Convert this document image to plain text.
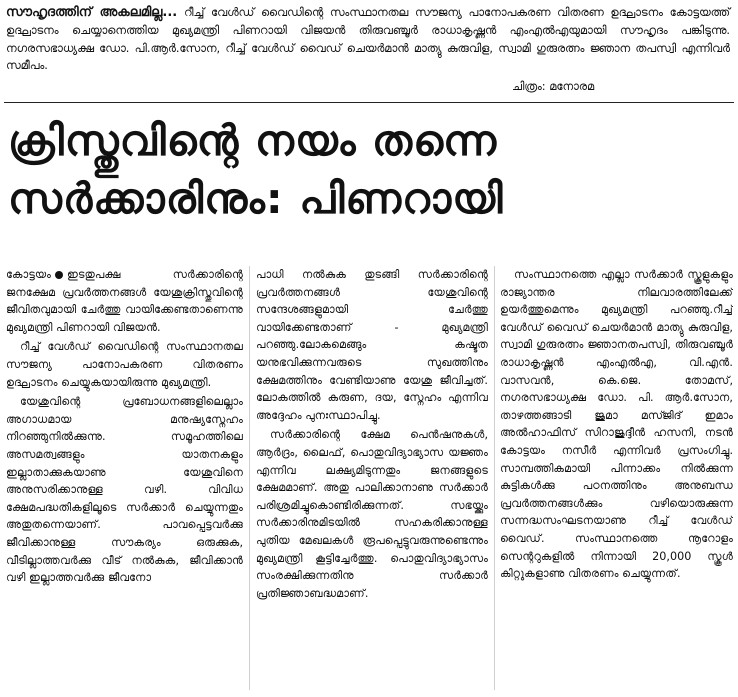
സൗഹൃദത്തിന് അകലമില്ല... റീച്ച് വേൾഡ് വൈഡിന്റെ സംസ്ഥാനതല സൗജന്യ പാനോപകരണ വിതരണ ഉദ്ഘാടനം കോട്ടയത്ത് ഉദ്ഘാടനം ചെയ്യാനെത്തിയ മുഖ്യമന്ത്രി പിണറായി വിജയൻ തിരുവഞ്ചൂർ രാധാകൃഷ്ണൻ എംഎൽഎയുമായി സൗഹൃദം പങ്കിടുന്നു. നഗരസഭാധ്യക്ഷ ഡോ. പി.ആർ.സോന, റീച്ച് വേൾഡ് വൈഡ് ചെയർമാൻ മാത്യു കുരുവിള, സ്വാമി ഗുരുരത്നം ജ്ഞാന തപസ്വി എന്നിവർ സമീപം.
ചിത്രം: മനോരമ
ക്രിസ്തുവിന്റെ നയം തന്നെ
സർക്കാരിനും: പിണറായി

കോട്ടയം ഇടതുപക്ഷ സർക്കാരിന്റെ ജനക്ഷേമ പ്രവർത്തനങ്ങൾ യേശുക്രിസ്തുവിന്റെ ജീവിതവുമായി ചേർത്തു വായിക്കേണ്ടതാണെന്നു മുഖ്യമന്ത്രി പിണറായി വിജയൻ.

റീച്ച് വേൾഡ് വൈഡിന്റെ സംസ്ഥാനതല സൗജന്യ പാനോപകരണ വിതരണം ഉദ്ഘാടനം ചെയ്യുകയായിരുന്നു മുഖ്യമന്ത്രി.

യേശുവിന്റെ പ്രബോധനങ്ങളിലെല്ലാം അഗാധമായ മനുഷ്യസ്നേഹം നിറഞ്ഞുനിൽക്കുന്നു. സമൂഹത്തിലെ അസമത്വങ്ങളും യാതനകളും ഇല്ലാതാക്കുകയാണു യേശുവിനെ അനുസരിക്കാനുള്ള വഴി. വിവിധ ക്ഷേമപദ്ധതികളിലൂടെ സർക്കാർ ചെയ്യുന്നതും അതുതന്നെയാണ്. പാവപ്പെട്ടവർക്കു ജീവിക്കാനുള്ള സൗകര്യം ഒരുക്കുക, വീടില്ലാത്തവർക്കു വീട് നൽകുക, ജീവിക്കാൻ വഴി ഇല്ലാത്തവർക്കു ജീവനോ

പാധി നൽകുക തുടങ്ങി സർക്കാരിന്റെ പ്രവർത്തനങ്ങൾ യേശുവിന്റെ സന്ദേശങ്ങളുമായി ചേർത്തു വായിക്കേണ്ടതാണ് - മുഖ്യമന്ത്രി പറഞ്ഞു.ലോകമെങ്ങും കഷ്ടത യനുഭവിക്കുന്നവരുടെ സുഖത്തിനും ക്ഷേമത്തിനും വേണ്ടിയാണു യേശു ജീവിച്ചത്. ലോകത്തിൽ കരുണ, ദയ, സ്നേഹം എന്നിവ അദ്ദേഹം പുനഃസ്ഥാപിച്ചു.

സർക്കാരിന്റെ ക്ഷേമ പെൻഷനുകൾ, ആർദ്രം, ലൈഫ്, പൊതുവിദ്യാഭ്യാസ യജ്ഞം എന്നിവ ലക്ഷ്യമിടുന്നതും ജനങ്ങളുടെ ക്ഷേമമാണ്. അതു പാലിക്കാനാണു സർക്കാർ പരിശ്രമിച്ചുകൊണ്ടിരിക്കുന്നത്. സഭയ്ക്കും സർക്കാരിനുമിടയിൽ സഹകരിക്കാനുള്ള പുതിയ മേഖലകൾ രൂപപ്പെട്ടുവരുന്നുണ്ടെന്നും മുഖ്യമന്ത്രി കൂട്ടിച്ചേർത്തു. പൊതുവിദ്യാഭ്യാസം സംരക്ഷിക്കുന്നതിനു സർക്കാർ പ്രതിജ്ഞാബദ്ധമാണ്.

സംസ്ഥാനത്തെ എല്ലാ സർക്കാർ സ്കൂളുകളും രാജ്യാന്തര നിലവാരത്തിലേക്ക് ഉയർത്തുമെന്നും മുഖ്യമന്ത്രി പറഞ്ഞു.റീച്ച് വേൾഡ് വൈഡ് ചെയർമാൻ മാത്യു കുരുവിള, സ്വാമി ഗുരുരത്നം ജ്ഞാനതപസ്വി, തിരുവഞ്ചൂർ രാധാകൃഷ്ണൻ എംഎൽഎ, വി.എൻ. വാസവൻ, കെ.ജെ. തോമസ്, നഗരസഭാധ്യക്ഷ ഡോ. പി. ആർ.സോന, താഴത്തങ്ങാടി ജുമാ മസ്ജിദ് ഇമാം അൽഹാഫിസ് സിറാജുദ്ദീൻ ഹസനി, നടൻ കോട്ടയം നസീർ എന്നിവർ പ്രസംഗിച്ചു. സാമ്പത്തികമായി പിന്നാക്കം നിൽക്കുന്ന കുട്ടികൾക്കു പഠനത്തിനും അനുബന്ധ പ്രവർത്തനങ്ങൾക്കും വഴിയൊരുക്കുന്ന സന്നദ്ധസംഘടനയാണു റീച്ച് വേൾഡ് വൈഡ്. സംസ്ഥാനത്തെ നൂറോളം സെന്ററുകളിൽ നിന്നായി 20,000 സ്കൂൾ കിറ്റുകളാണു വിതരണം ചെയ്യുന്നത്.
